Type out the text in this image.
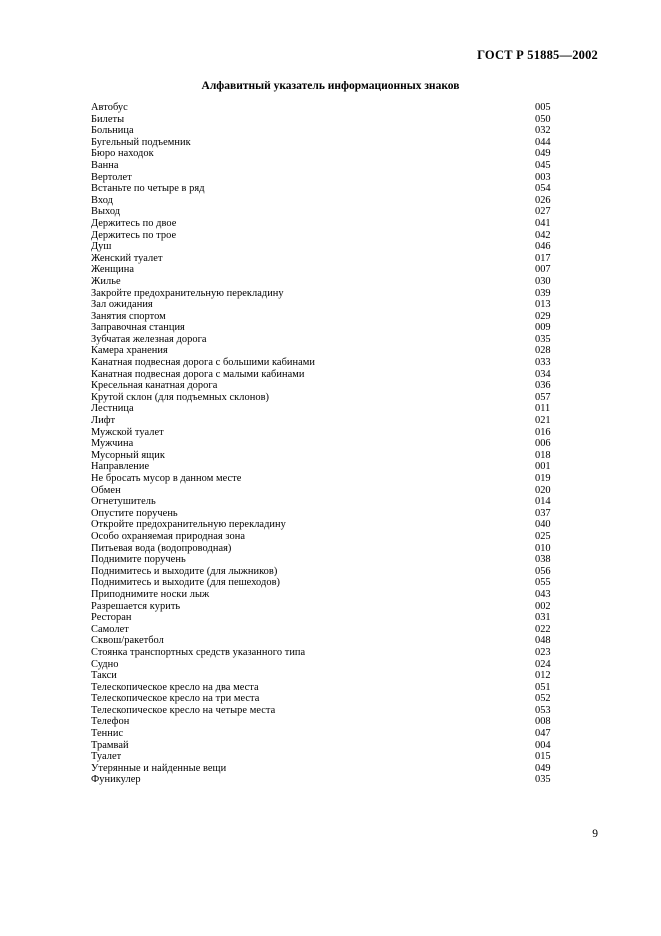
ГОСТ Р 51885—2002
Алфавитный указатель информационных знаков
Автобус	005
Билеты	050
Больница	032
Бугельный подъемник	044
Бюро находок	049
Ванна	045
Вертолет	003
Встаньте по четыре в ряд	054
Вход	026
Выход	027
Держитесь по двое	041
Держитесь по трое	042
Душ	046
Женский туалет	017
Женщина	007
Жилье	030
Закройте предохранительную перекладину	039
Зал ожидания	013
Занятия спортом	029
Заправочная станция	009
Зубчатая железная дорога	035
Камера хранения	028
Канатная подвесная дорога с большими кабинами	033
Канатная подвесная дорога с малыми кабинами	034
Кресельная канатная дорога	036
Крутой склон (для подъемных склонов)	057
Лестница	011
Лифт	021
Мужской туалет	016
Мужчина	006
Мусорный ящик	018
Направление	001
Не бросать мусор в данном месте	019
Обмен	020
Огнетушитель	014
Опустите поручень	037
Откройте предохранительную перекладину	040
Особо охраняемая природная зона	025
Питьевая вода (водопроводная)	010
Поднимите поручень	038
Поднимитесь и выходите (для лыжников)	056
Поднимитесь и выходите (для пешеходов)	055
Приподнимите носки лыж	043
Разрешается курить	002
Ресторан	031
Самолет	022
Сквош/ракетбол	048
Стоянка транспортных средств указанного типа	023
Судно	024
Такси	012
Телескопическое кресло на два места	051
Телескопическое кресло на три места	052
Телескопическое кресло на четыре места	053
Телефон	008
Теннис	047
Трамвай	004
Туалет	015
Утерянные и найденные вещи	049
Фуникулер	035
9
